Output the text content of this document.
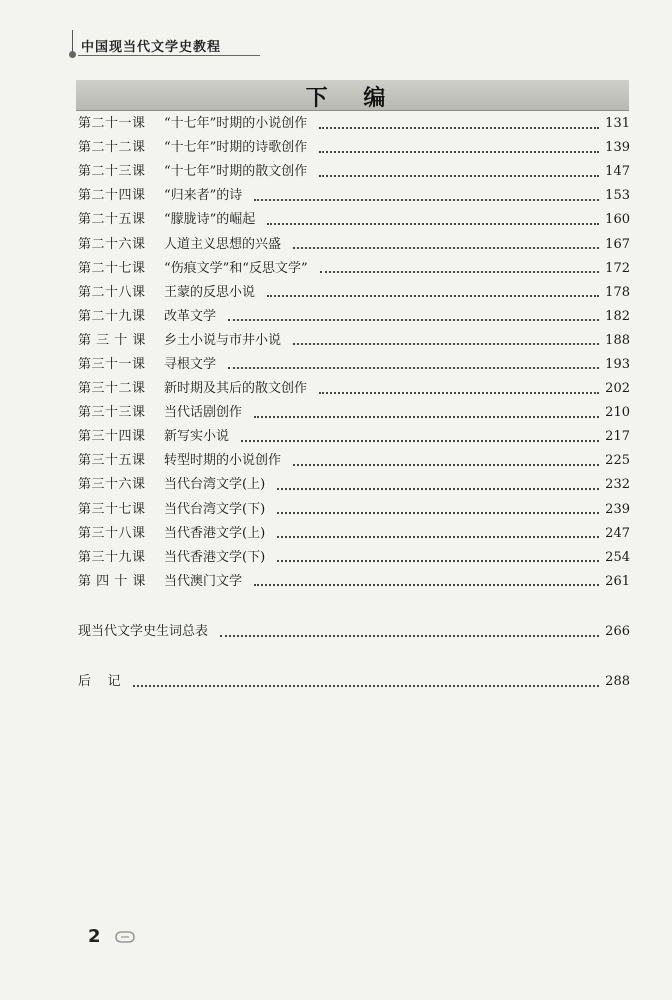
中国现当代文学史教程
下 编
第二十一课	“十七年”时期的小说创作	131
第二十二课	“十七年”时期的诗歌创作	139
第二十三课	“十七年”时期的散文创作	147
第二十四课	“归来者”的诗	153
第二十五课	“朦胧诗”的崛起	160
第二十六课	人道主义思想的兴盛	167
第二十七课	“伤痕文学”和“反思文学”	172
第二十八课	王蒙的反思小说	178
第二十九课	改革文学	182
第 三 十 课	乡土小说与市井小说	188
第三十一课	寻根文学	193
第三十二课	新时期及其后的散文创作	202
第三十三课	当代话剧创作	210
第三十四课	新写实小说	217
第三十五课	转型时期的小说创作	225
第三十六课	当代台湾文学(上)	232
第三十七课	当代台湾文学(下)	239
第三十八课	当代香港文学(上)	247
第三十九课	当代香港文学(下)	254
第 四 十 课	当代澳门文学	261
现当代文学史生词总表	266
后    记	288
2
